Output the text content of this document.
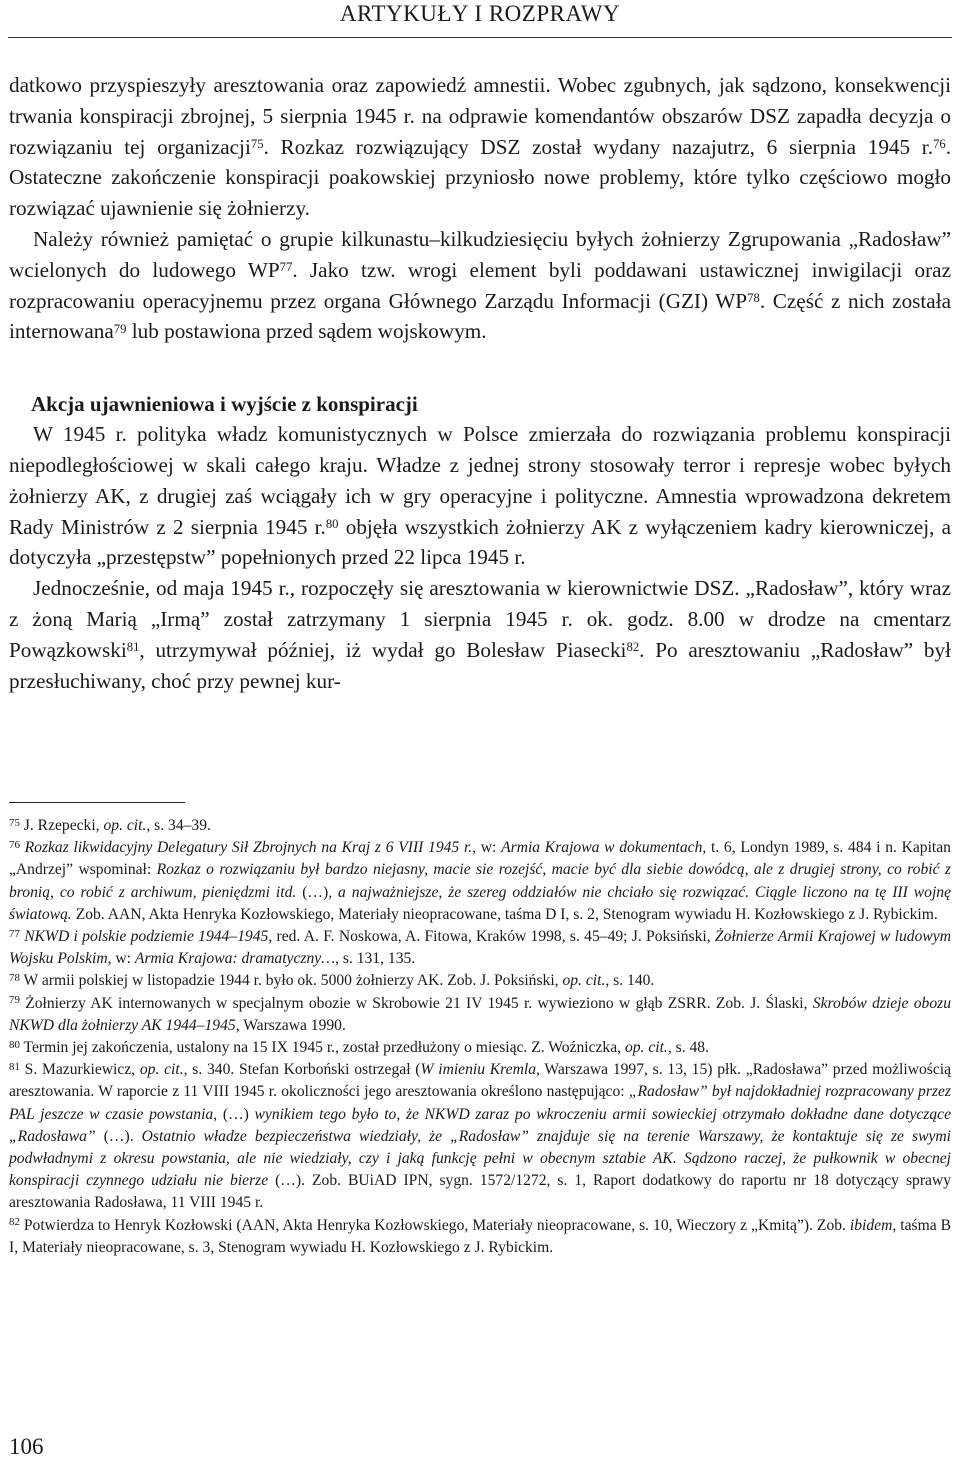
ARTYKUŁY I ROZPRAWY

datkowo przyspieszyły aresztowania oraz zapowiedź amnestii. Wobec zgubnych, jak sądzono, konsekwencji trwania konspiracji zbrojnej, 5 sierpnia 1945 r. na odprawie komendantów obszarów DSZ zapadła decyzja o rozwiązaniu tej organizacji$^{75}$. Rozkaz rozwiązujący DSZ został wydany nazajutrz, 6 sierpnia 1945 r.$^{76}$. Ostateczne zakończenie konspiracji poakowskiej przyniosło nowe problemy, które tylko częściowo mogło rozwiązać ujawnienie się żołnierzy.

Należy również pamiętać o grupie kilkunastu–kilkudziesięciu byłych żołnierzy Zgrupowania „Radosław” wcielonych do ludowego WP$^{77}$. Jako tzw. wrogi element byli poddawani ustawicznej inwigilacji oraz rozpracowaniu operacyjnemu przez organa Głównego Zarządu Informacji (GZI) WP$^{78}$. Część z nich została internowana$^{79}$ lub postawiona przed sądem wojskowym.

Akcja ujawnieniowa i wyjście z konspiracji

W 1945 r. polityka władz komunistycznych w Polsce zmierzała do rozwiązania problemu konspiracji niepodległościowej w skali całego kraju. Władze z jednej strony stosowały terror i represje wobec byłych żołnierzy AK, z drugiej zaś wciągały ich w gry operacyjne i polityczne. Amnestia wprowadzona dekretem Rady Ministrów z 2 sierpnia 1945 r.$^{80}$ objęła wszystkich żołnierzy AK z wyłączeniem kadry kierowniczej, a dotyczyła „przestępstw” popełnionych przed 22 lipca 1945 r.

Jednocześnie, od maja 1945 r., rozpoczęły się aresztowania w kierownictwie DSZ. „Radosław”, który wraz z żoną Marią „Irmą” został zatrzymany 1 sierpnia 1945 r. ok. godz. 8.00 w drodze na cmentarz Powązkowski$^{81}$, utrzymywał później, iż wydał go Bolesław Piasecki$^{82}$. Po aresztowaniu „Radosław” był przesłuchiwany, choć przy pewnej kur-

$^{75}$ J. Rzepecki, op. cit., s. 34–39.

$^{76}$ Rozkaz likwidacyjny Delegatury Sił Zbrojnych na Kraj z 6 VIII 1945 r., w: Armia Krajowa w dokumentach, t. 6, Londyn 1989, s. 484 i n. Kapitan „Andrzej” wspominał: Rozkaz o rozwiązaniu był bardzo niejasny, macie sie rozejść, macie być dla siebie dowódcą, ale z drugiej strony, co robić z bronią, co robić z archiwum, pieniędzmi itd. (…), a najważniejsze, że szereg oddziałów nie chciało się rozwiązać. Ciągle liczono na tę III wojnę światową. Zob. AAN, Akta Henryka Kozłowskiego, Materiały nieopracowane, taśma D I, s. 2, Stenogram wywiadu H. Kozłowskiego z J. Rybickim.

$^{77}$ NKWD i polskie podziemie 1944–1945, red. A. F. Noskowa, A. Fitowa, Kraków 1998, s. 45–49; J. Poksiński, Żołnierze Armii Krajowej w ludowym Wojsku Polskim, w: Armia Krajowa: dramatyczny…, s. 131, 135.

$^{78}$ W armii polskiej w listopadzie 1944 r. było ok. 5000 żołnierzy AK. Zob. J. Poksiński, op. cit., s. 140.

$^{79}$ Żołnierzy AK internowanych w specjalnym obozie w Skrobowie 21 IV 1945 r. wywieziono w głąb ZSRR. Zob. J. Ślaski, Skrobów dzieje obozu NKWD dla żołnierzy AK 1944–1945, Warszawa 1990.

$^{80}$ Termin jej zakończenia, ustalony na 15 IX 1945 r., został przedłużony o miesiąc. Z. Woźniczka, op. cit., s. 48.

$^{81}$ S. Mazurkiewicz, op. cit., s. 340. Stefan Korboński ostrzegał (W imieniu Kremla, Warszawa 1997, s. 13, 15) płk. „Radosława” przed możliwością aresztowania. W raporcie z 11 VIII 1945 r. okoliczności jego aresztowania określono następująco: „Radosław” był najdokładniej rozpracowany przez PAL jeszcze w czasie powstania, (…) wynikiem tego było to, że NKWD zaraz po wkroczeniu armii sowieckiej otrzymało dokładne dane dotyczące „Radosława” (…). Ostatnio władze bezpieczeństwa wiedziały, że „Radosław” znajduje się na terenie Warszawy, że kontaktuje się ze swymi podwładnymi z okresu powstania, ale nie wiedziały, czy i jaką funkcję pełni w obecnym sztabie AK. Sądzono raczej, że pułkownik w obecnej konspiracji czynnego udziału nie bierze (…). Zob. BUiAD IPN, sygn. 1572/1272, s. 1, Raport dodatkowy do raportu nr 18 dotyczący sprawy aresztowania Radosława, 11 VIII 1945 r.

$^{82}$ Potwierdza to Henryk Kozłowski (AAN, Akta Henryka Kozłowskiego, Materiały nieopracowane, s. 10, Wieczory z „Kmitą”). Zob. ibidem, taśma B I, Materiały nieopracowane, s. 3, Stenogram wywiadu H. Kozłowskiego z J. Rybickim.

106
